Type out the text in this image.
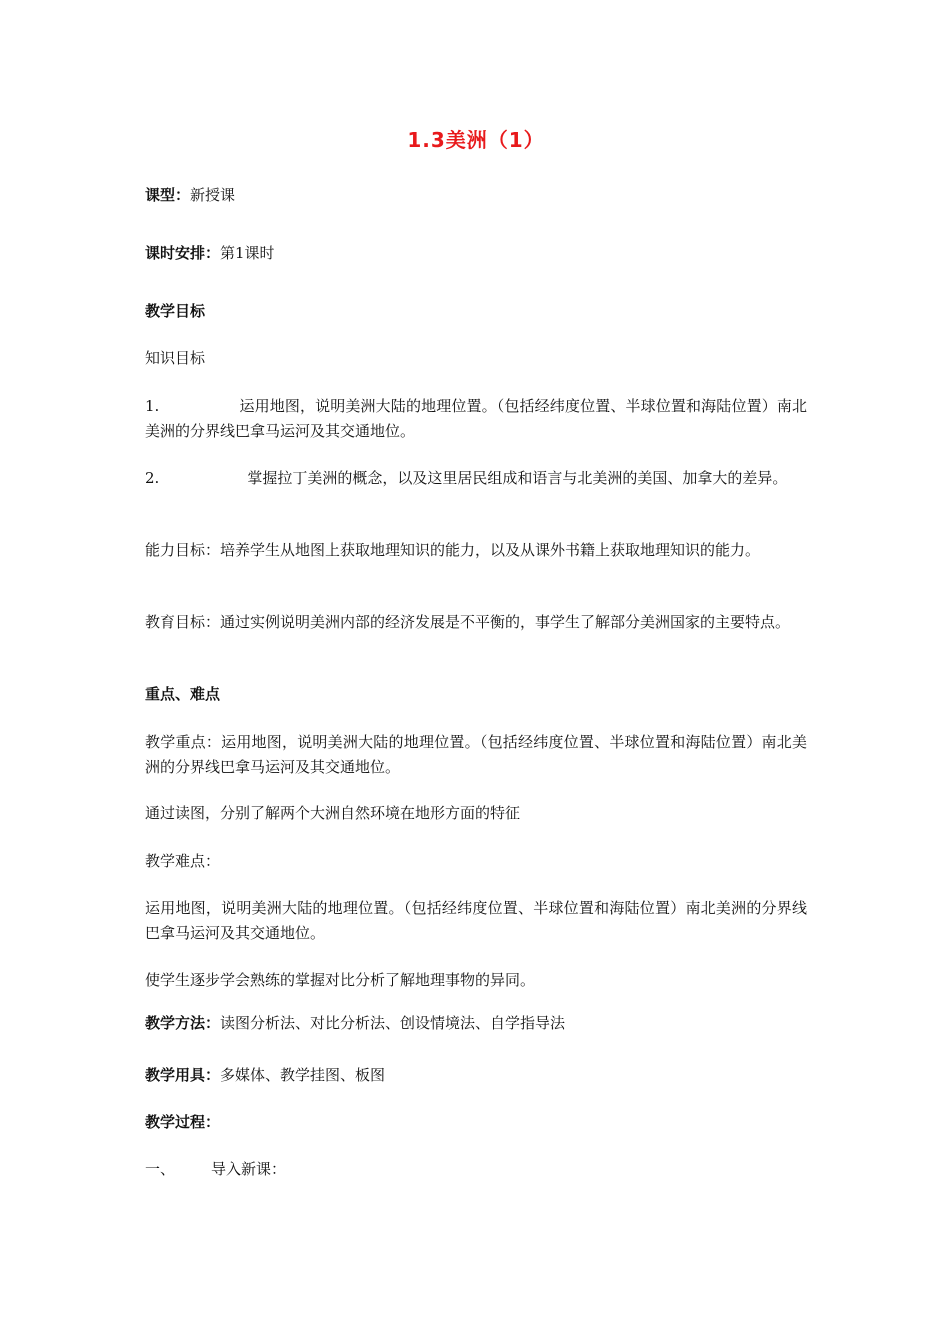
1.3美洲（1）
课型：新授课
课时安排：第1课时
教学目标
知识目标
1.	运用地图，说明美洲大陆的地理位置。（包括经纬度位置、半球位置和海陆位置）南北美洲的分界线巴拿马运河及其交通地位。
2.	掌握拉丁美洲的概念，以及这里居民组成和语言与北美洲的美国、加拿大的差异。
能力目标：培养学生从地图上获取地理知识的能力，以及从课外书籍上获取地理知识的能力。
教育目标：通过实例说明美洲内部的经济发展是不平衡的，事学生了解部分美洲国家的主要特点。
重点、难点
教学重点：运用地图，说明美洲大陆的地理位置。（包括经纬度位置、半球位置和海陆位置）南北美洲的分界线巴拿马运河及其交通地位。
通过读图，分别了解两个大洲自然环境在地形方面的特征
教学难点：
运用地图，说明美洲大陆的地理位置。（包括经纬度位置、半球位置和海陆位置）南北美洲的分界线巴拿马运河及其交通地位。
使学生逐步学会熟练的掌握对比分析了解地理事物的异同。
教学方法：读图分析法、对比分析法、创设情境法、自学指导法
教学用具：多媒体、教学挂图、板图
教学过程：
一、 导入新课：
